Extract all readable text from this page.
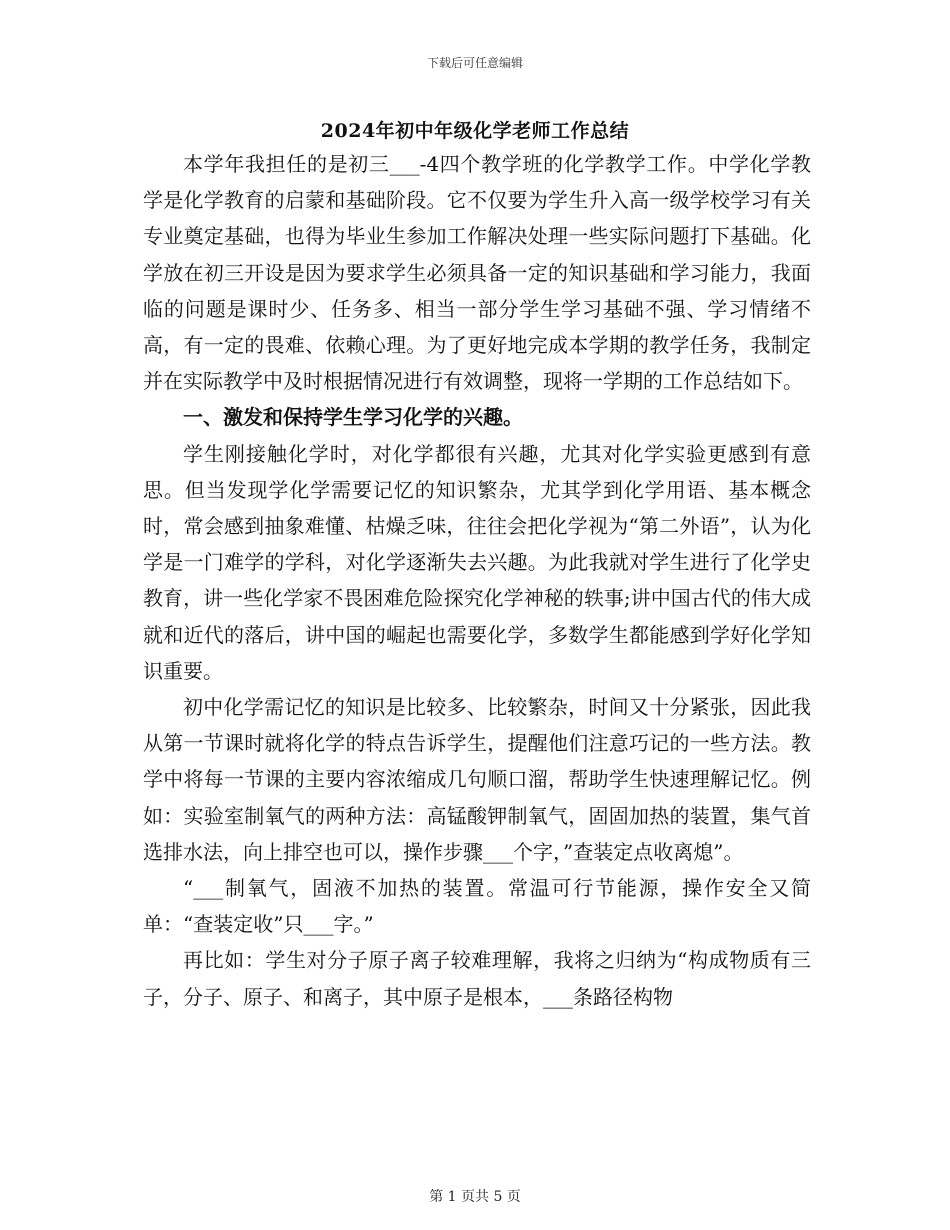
下载后可任意编辑
2024年初中年级化学老师工作总结

本学年我担任的是初三___-4四个教学班的化学教学工作。中学化学教学是化学教育的启蒙和基础阶段。它不仅要为学生升入高一级学校学习有关专业奠定基础，也得为毕业生参加工作解决处理一些实际问题打下基础。化学放在初三开设是因为要求学生必须具备一定的知识基础和学习能力，我面临的问题是课时少、任务多、相当一部分学生学习基础不强、学习情绪不高，有一定的畏难、依赖心理。为了更好地完成本学期的教学任务，我制定并在实际教学中及时根据情况进行有效调整，现将一学期的工作总结如下。

一、激发和保持学生学习化学的兴趣。

学生刚接触化学时，对化学都很有兴趣，尤其对化学实验更感到有意思。但当发现学化学需要记忆的知识繁杂，尤其学到化学用语、基本概念时，常会感到抽象难懂、枯燥乏味，往往会把化学视为“第二外语”，认为化学是一门难学的学科，对化学逐渐失去兴趣。为此我就对学生进行了化学史教育，讲一些化学家不畏困难危险探究化学神秘的轶事;讲中国古代的伟大成就和近代的落后，讲中国的崛起也需要化学，多数学生都能感到学好化学知识重要。

初中化学需记忆的知识是比较多、比较繁杂，时间又十分紧张，因此我从第一节课时就将化学的特点告诉学生，提醒他们注意巧记的一些方法。教学中将每一节课的主要内容浓缩成几句顺口溜，帮助学生快速理解记忆。例如：实验室制氧气的两种方法：高锰酸钾制氧气，固固加热的装置，集气首选排水法，向上排空也可以，操作步骤___个字，”查装定点收离熄”。

“___制氧气，固液不加热的装置。常温可行节能源，操作安全又简单：“查装定收”只___字。”

再比如：学生对分子原子离子较难理解，我将之归纳为“构成物质有三子，分子、原子、和离子，其中原子是根本，___条路径构物

第 1 页共 5 页
